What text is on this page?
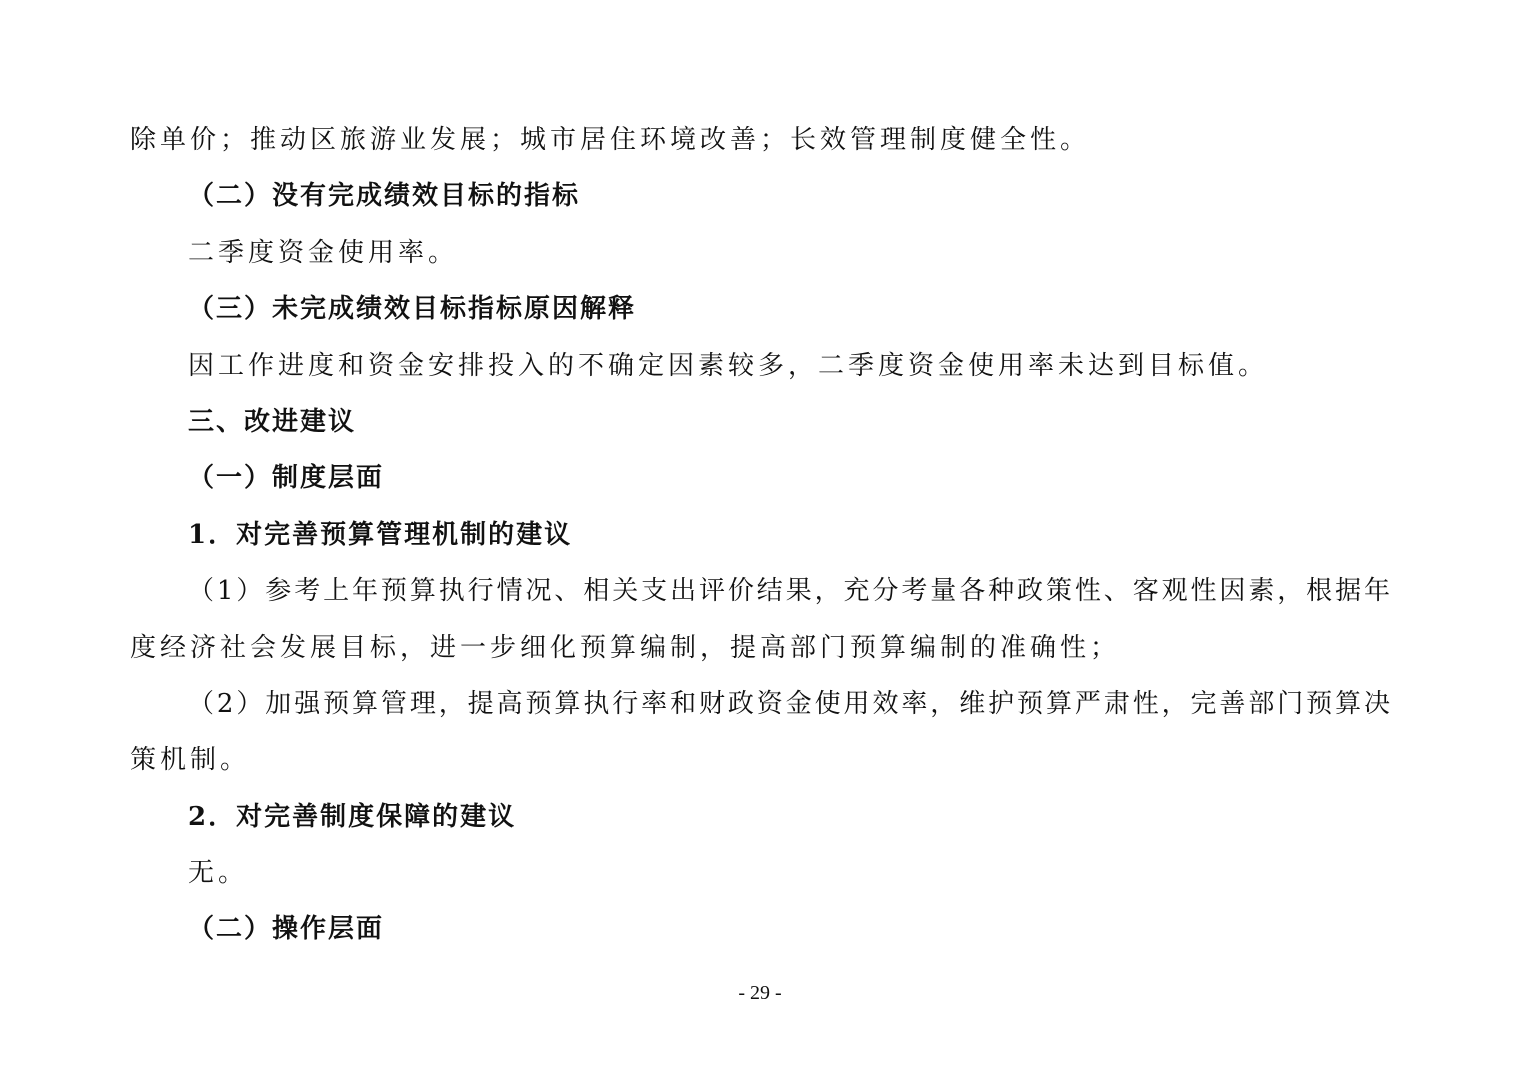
除单价；推动区旅游业发展；城市居住环境改善；长效管理制度健全性。
（二）没有完成绩效目标的指标
二季度资金使用率。
（三）未完成绩效目标指标原因解释
因工作进度和资金安排投入的不确定因素较多，二季度资金使用率未达到目标值。
三、改进建议
（一）制度层面
1．对完善预算管理机制的建议
（1）参考上年预算执行情况、相关支出评价结果，充分考量各种政策性、客观性因素，根据年
度经济社会发展目标，进一步细化预算编制，提高部门预算编制的准确性；
（2）加强预算管理，提高预算执行率和财政资金使用效率，维护预算严肃性，完善部门预算决
策机制。
2．对完善制度保障的建议
无。
（二）操作层面
- 29 -
